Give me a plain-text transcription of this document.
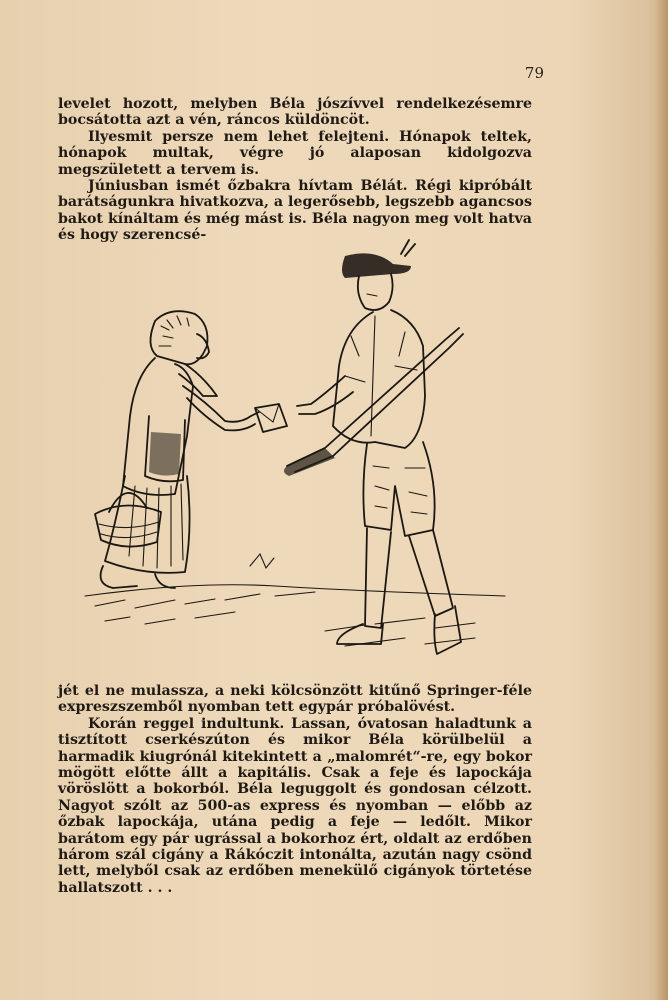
79

levelet hozott, melyben Béla jószívvel rendelkezésemre bocsátotta azt a vén, ráncos küldöncöt.

Ilyesmit persze nem lehet felejteni. Hónapok teltek, hónapok multak, végre jó alaposan kidolgozva megszületett a tervem is.

Júniusban ismét őzbakra hívtam Bélát. Régi kipróbált barátságunkra hivatkozva, a legerősebb, legszebb agancsos bakot kínáltam és még mást is. Béla nagyon meg volt hatva és hogy szerencsé-

jét el ne mulassza, a neki kölcsönzött kitűnő Springer-féle expreszszemből nyomban tett egypár próbalövést.

Korán reggel indultunk. Lassan, óvatosan haladtunk a tisztított cserkészúton és mikor Béla körülbelül a harmadik kiugrónál kitekintett a „malomrét“-re, egy bokor mögött előtte állt a kapitális. Csak a feje és lapockája vöröslött a bokorból. Béla leguggolt és gondosan célzott. Nagyot szólt az 500-as express és nyomban — előbb az őzbak lapockája, utána pedig a feje — ledőlt. Mikor barátom egy pár ugrással a bokorhoz ért, oldalt az erdőben három szál cigány a Rákóczit intonálta, azután nagy csönd lett, melyből csak az erdőben menekülő cigányok törtetése hallatszott . . .
